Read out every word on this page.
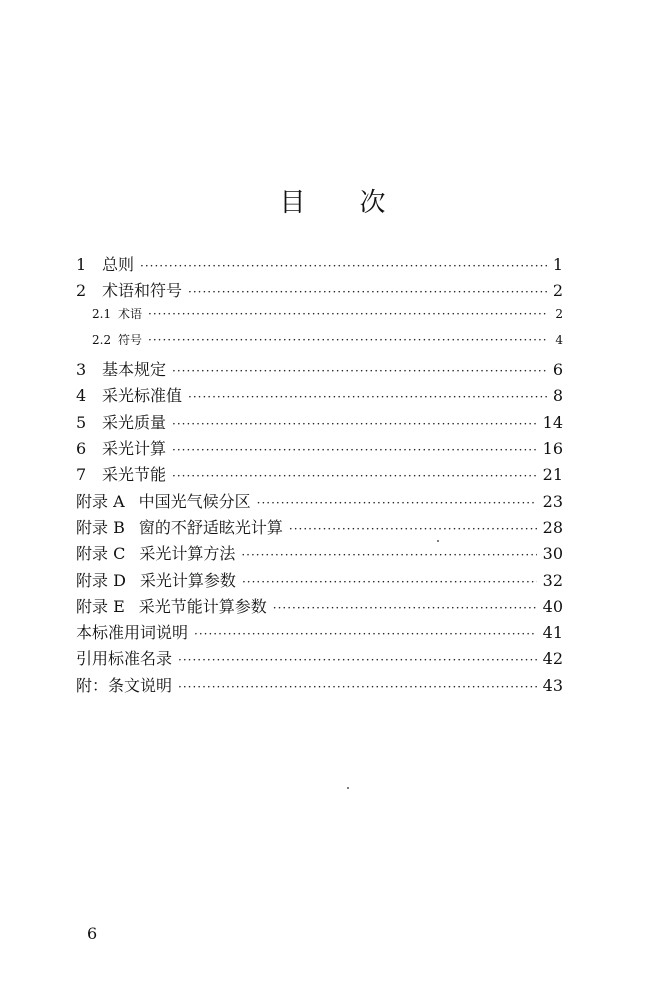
目 次
1 总则 ·····	1
2 术语和符号 ·····	2
2.1 术语 ·····	2
2.2 符号 ·····	4
3 基本规定 ·····	6
4 采光标准值 ·····	8
5 采光质量 ·····	14
6 采光计算 ·····	16
7 采光节能 ·····	21
附录 A 中国光气候分区 ·····	23
附录 B 窗的不舒适眩光计算 ·····	28
附录 C 采光计算方法 ·····	30
附录 D 采光计算参数 ·····	32
附录 E 采光节能计算参数 ·····	40
本标准用词说明 ·····	41
引用标准名录 ·····	42
附：条文说明 ·····	43
6
